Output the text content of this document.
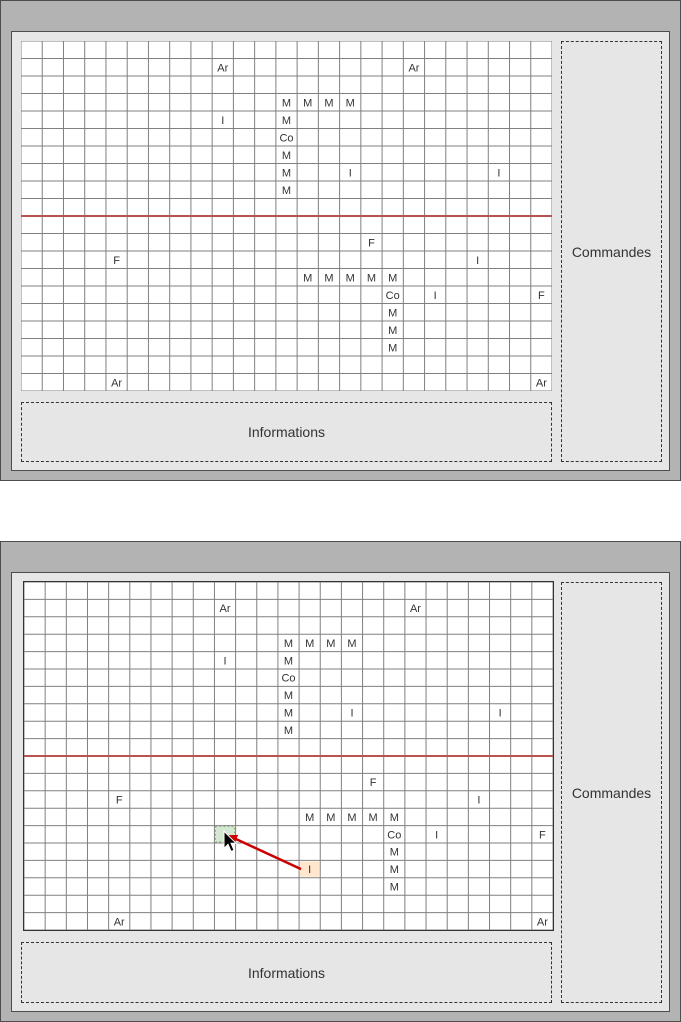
Ar	Ar
M M M M
I	M
Co
M
M	I	I
M
F
F	I
M M M M M
Co	I	F
M
M
M
Ar	Ar
Informations
Commandes
Ar	Ar
M M M M
I	M
Co
M
M	I	I
M
F
F	I
M M M M M
Co	I	F
M
M
M
Ar	Ar
I
Informations
Commandes
